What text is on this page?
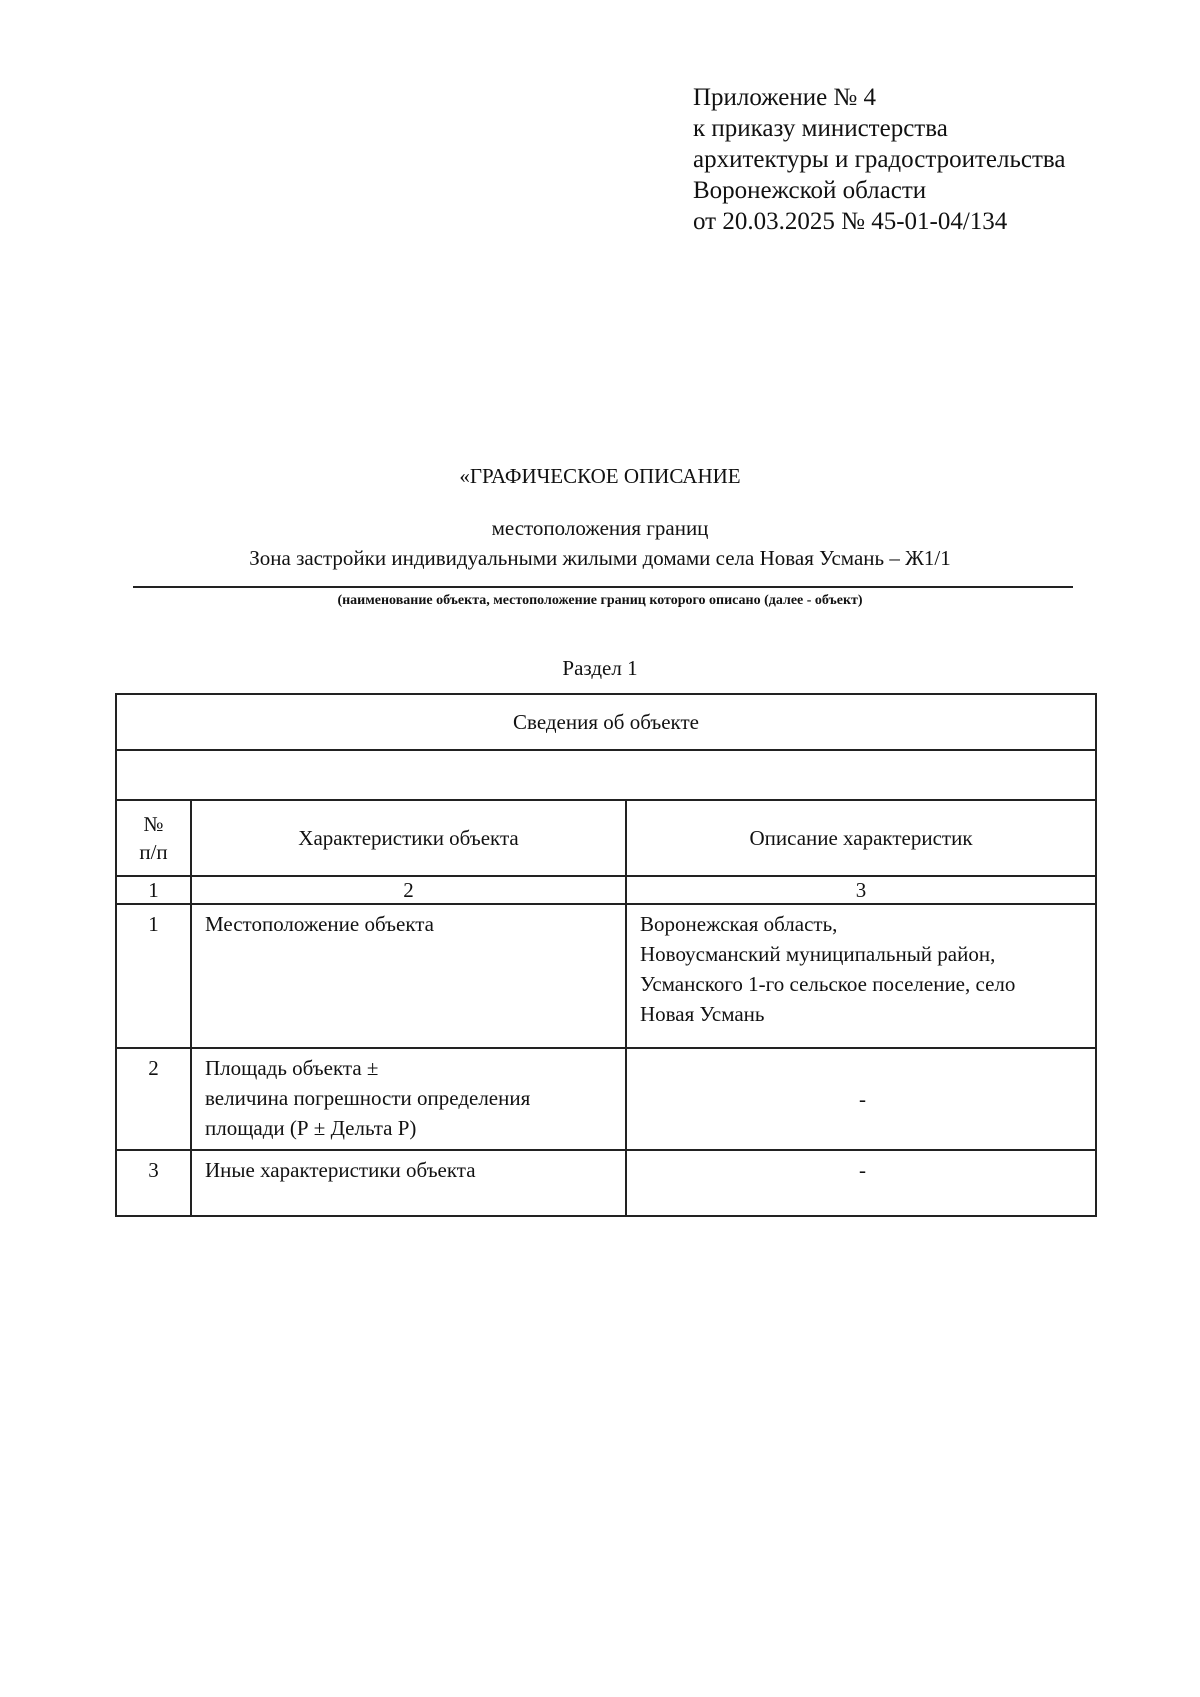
Приложение № 4
к приказу министерства
архитектуры и градостроительства
Воронежской области
от 20.03.2025 № 45-01-04/134
«ГРАФИЧЕСКОЕ ОПИСАНИЕ
местоположения границ
Зона застройки индивидуальными жилыми домами села Новая Усмань – Ж1/1
(наименование объекта, местоположение границ которого описано (далее - объект)
Раздел 1
Сведения об объекте		

№
п/п	Характеристики объекта	Описание характеристик
1	2	3
1	Местоположение объекта	Воронежская область,
Новоусманский муниципальный район,
Усманского 1-го сельское поселение, село
Новая Усмань

2	Площадь объекта ±
величина погрешности определения
площади (Р ± Дельта Р)	-
3	Иные характеристики объекта	-
